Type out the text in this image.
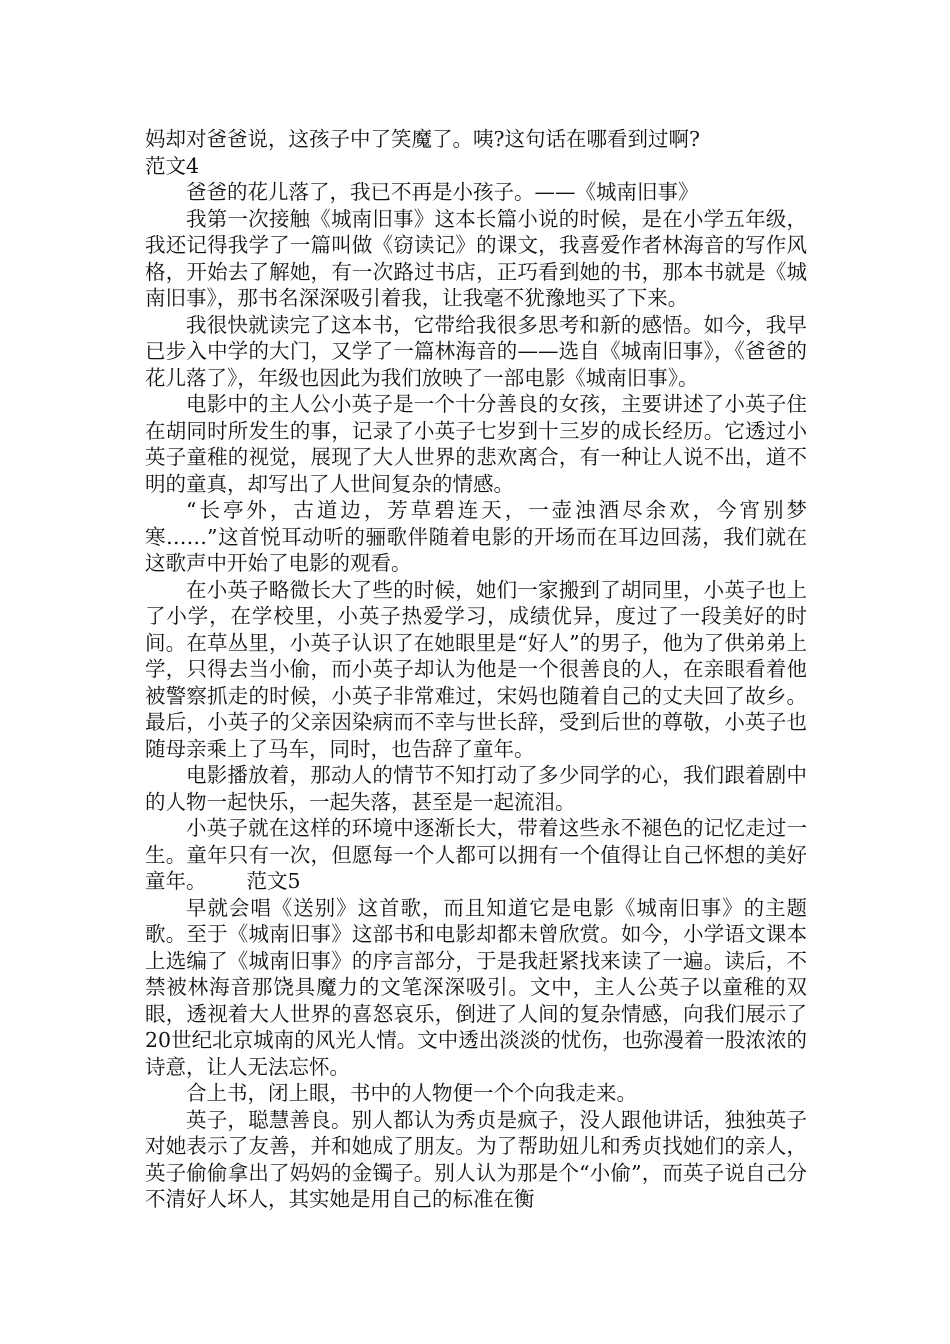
妈却对爸爸说，这孩子中了笑魔了。咦?这句话在哪看到过啊?

范文4

爸爸的花儿落了，我已不再是小孩子。——《城南旧事》

我第一次接触《城南旧事》这本长篇小说的时候，是在小学五年级，我还记得我学了一篇叫做《窃读记》的课文，我喜爱作者林海音的写作风格，开始去了解她，有一次路过书店，正巧看到她的书，那本书就是《城南旧事》，那书名深深吸引着我，让我毫不犹豫地买了下来。

我很快就读完了这本书，它带给我很多思考和新的感悟。如今，我早已步入中学的大门，又学了一篇林海音的——选自《城南旧事》，《爸爸的花儿落了》，年级也因此为我们放映了一部电影《城南旧事》。

电影中的主人公小英子是一个十分善良的女孩，主要讲述了小英子住在胡同时所发生的事，记录了小英子七岁到十三岁的成长经历。它透过小英子童稚的视觉，展现了大人世界的悲欢离合，有一种让人说不出，道不明的童真，却写出了人世间复杂的情感。

“长亭外，古道边，芳草碧连天，一壶浊酒尽余欢，今宵别梦寒……”这首悦耳动听的骊歌伴随着电影的开场而在耳边回荡，我们就在这歌声中开始了电影的观看。

在小英子略微长大了些的时候，她们一家搬到了胡同里，小英子也上了小学，在学校里，小英子热爱学习，成绩优异，度过了一段美好的时间。在草丛里，小英子认识了在她眼里是“好人”的男子，他为了供弟弟上学，只得去当小偷，而小英子却认为他是一个很善良的人，在亲眼看着他被警察抓走的时候，小英子非常难过，宋妈也随着自己的丈夫回了故乡。最后，小英子的父亲因染病而不幸与世长辞，受到后世的尊敬，小英子也随母亲乘上了马车，同时，也告辞了童年。

电影播放着，那动人的情节不知打动了多少同学的心，我们跟着剧中的人物一起快乐，一起失落，甚至是一起流泪。

小英子就在这样的环境中逐渐长大，带着这些永不褪色的记忆走过一生。童年只有一次，但愿每一个人都可以拥有一个值得让自己怀想的美好童年。 范文5

早就会唱《送别》这首歌，而且知道它是电影《城南旧事》的主题歌。至于《城南旧事》这部书和电影却都未曾欣赏。如今，小学语文课本上选编了《城南旧事》的序言部分，于是我赶紧找来读了一遍。读后，不禁被林海音那饶具魔力的文笔深深吸引。文中，主人公英子以童稚的双眼，透视着大人世界的喜怒哀乐，倒进了人间的复杂情感，向我们展示了20世纪北京城南的风光人情。文中透出淡淡的忧伤，也弥漫着一股浓浓的诗意，让人无法忘怀。

合上书，闭上眼，书中的人物便一个个向我走来。

英子，聪慧善良。别人都认为秀贞是疯子，没人跟他讲话，独独英子对她表示了友善，并和她成了朋友。为了帮助妞儿和秀贞找她们的亲人，英子偷偷拿出了妈妈的金镯子。别人认为那是个“小偷”，而英子说自己分不清好人坏人，其实她是用自己的标准在衡
